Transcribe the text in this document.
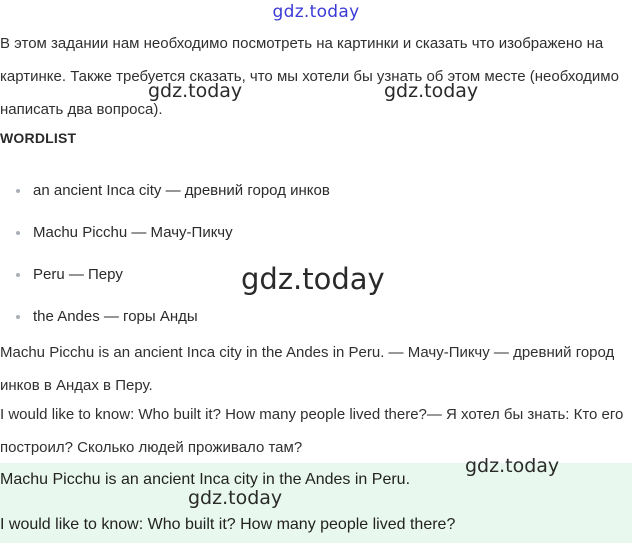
gdz.today

В этом задании нам необходимо посмотреть на картинки и сказать что изображено на картинке. Также требуется сказать, что мы хотели бы узнать об этом месте (необходимо написать два вопроса).

WORDLIST
an ancient Inca city — древний город инков
Machu Picchu — Мачу-Пикчу
Peru — Перу
the Andes — горы Анды

Machu Picchu is an ancient Inca city in the Andes in Peru. — Мачу-Пикчу — древний город инков в Андах в Перу.

I would like to know: Who built it? How many people lived there?— Я хотел бы знать: Кто его построил? Сколько людей проживало там?

Machu Picchu is an ancient Inca city in the Andes in Peru.

I would like to know: Who built it? How many people lived there?

gdz.today	gdz.today
gdz.today
gdz.today
gdz.today
